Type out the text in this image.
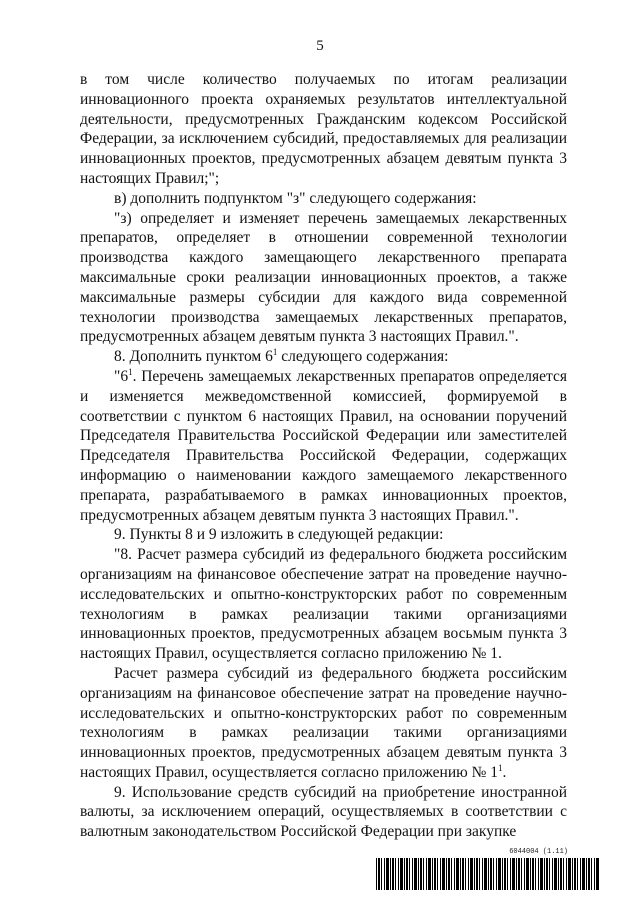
5

в том числе количество получаемых по итогам реализации инновационного проекта охраняемых результатов интеллектуальной деятельности, предусмотренных Гражданским кодексом Российской Федерации, за исключением субсидий, предоставляемых для реализации инновационных проектов, предусмотренных абзацем девятым пункта 3 настоящих Правил;";

в) дополнить подпунктом "з" следующего содержания:

"з) определяет и изменяет перечень замещаемых лекарственных препаратов, определяет в отношении современной технологии производства каждого замещающего лекарственного препарата максимальные сроки реализации инновационных проектов, а также максимальные размеры субсидии для каждого вида современной технологии производства замещаемых лекарственных препаратов, предусмотренных абзацем девятым пункта 3 настоящих Правил.".

8. Дополнить пунктом $6^1$ следующего содержания:

"$6^1$. Перечень замещаемых лекарственных препаратов определяется и изменяется межведомственной комиссией, формируемой в соответствии с пунктом 6 настоящих Правил, на основании поручений Председателя Правительства Российской Федерации или заместителей Председателя Правительства Российской Федерации, содержащих информацию о наименовании каждого замещаемого лекарственного препарата, разрабатываемого в рамках инновационных проектов, предусмотренных абзацем девятым пункта 3 настоящих Правил.".

9. Пункты 8 и 9 изложить в следующей редакции:

"8. Расчет размера субсидий из федерального бюджета российским организациям на финансовое обеспечение затрат на проведение научно-исследовательских и опытно-конструкторских работ по современным технологиям в рамках реализации такими организациями инновационных проектов, предусмотренных абзацем восьмым пункта 3 настоящих Правил, осуществляется согласно приложению № 1.

Расчет размера субсидий из федерального бюджета российским организациям на финансовое обеспечение затрат на проведение научно-исследовательских и опытно-конструкторских работ по современным технологиям в рамках реализации такими организациями инновационных проектов, предусмотренных абзацем девятым пункта 3 настоящих Правил, осуществляется согласно приложению № $1^1$.

9. Использование средств субсидий на приобретение иностранной валюты, за исключением операций, осуществляемых в соответствии с валютным законодательством Российской Федерации при закупке

6044004 (1.11)
